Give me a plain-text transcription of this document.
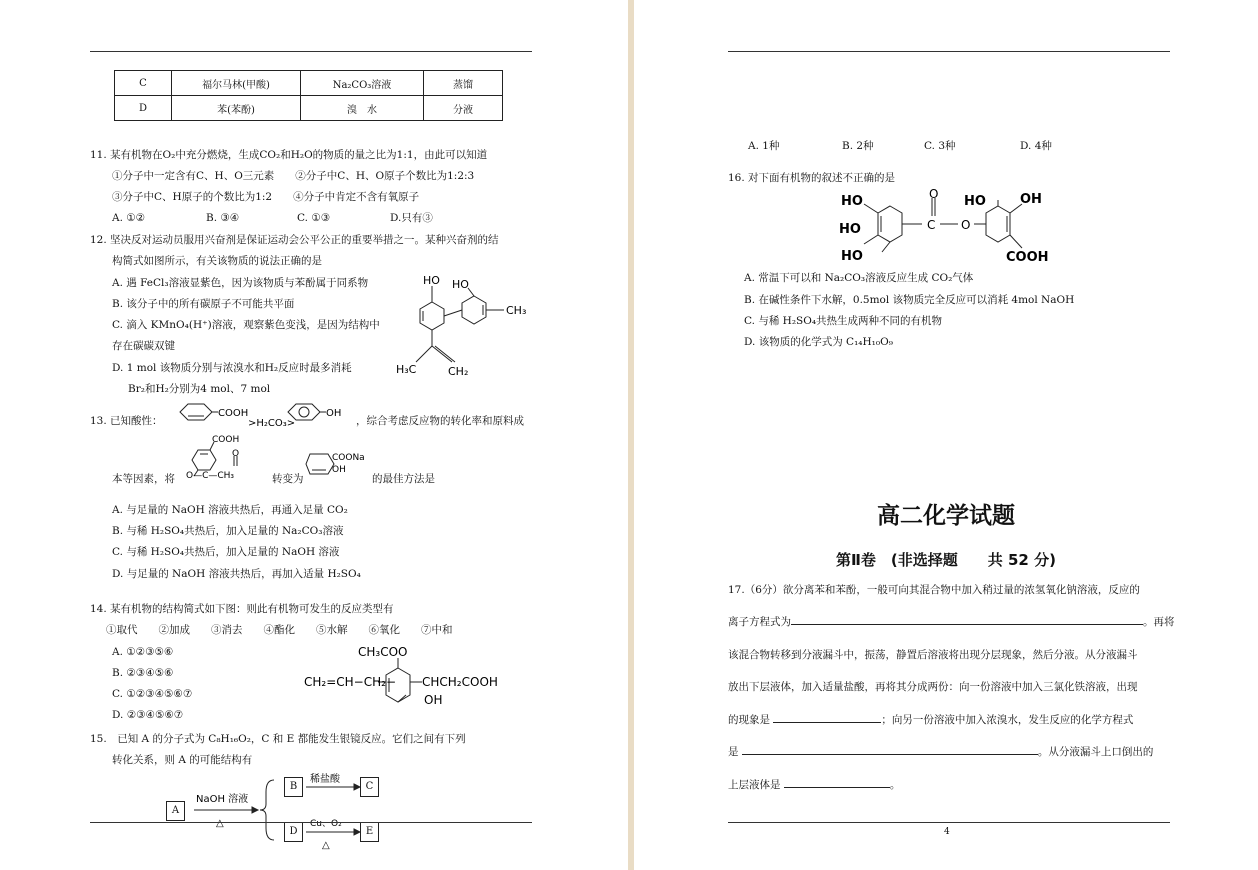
C	福尔马林(甲酸)	Na₂CO₃溶液	蒸馏
D	苯(苯酚)	溴　水	分液
11. 某有机物在O₂中充分燃烧，生成CO₂和H₂O的物质的量之比为1:1，由此可以知道
①分子中一定含有C、H、O三元素　　②分子中C、H、O原子个数比为1:2:3
③分子中C、H原子的个数比为1:2　　④分子中肯定不含有氧原子
A. ①②	B. ③④	C. ①③	D.只有③
12. 坚决反对运动员服用兴奋剂是保证运动会公平公正的重要举措之一。某种兴奋剂的结
构简式如图所示，有关该物质的说法正确的是
A. 遇 FeCl₃溶液显紫色，因为该物质与苯酚属于同系物
B. 该分子中的所有碳原子不可能共平面
C. 滴入 KMnO₄(H⁺)溶液，观察紫色变浅，是因为结构中
存在碳碳双键
D. 1 mol 该物质分别与浓溴水和H₂反应时最多消耗
Br₂和H₂分别为4 mol、7 mol
HO HO
CH₃
H₃C	CH₂
13. 已知酸性：
COOH
>H₂CO₃>
OH
，综合考虑反应物的转化率和原料成
本等因素，将
COOH
O
O—C—CH₃	转变为
COONa
OH
的最佳方法是
A. 与足量的 NaOH 溶液共热后，再通入足量 CO₂
B. 与稀 H₂SO₄共热后，加入足量的 Na₂CO₃溶液
C. 与稀 H₂SO₄共热后，加入足量的 NaOH 溶液
D. 与足量的 NaOH 溶液共热后，再加入适量 H₂SO₄
14. 某有机物的结构简式如下图：则此有机物可发生的反应类型有
①取代　　②加成　　③消去　　④酯化　　⑤水解　　⑥氧化　　⑦中和
A. ①②③⑤⑥
B. ②③④⑤⑥
C. ①②③④⑤⑥⑦
D. ②③④⑤⑥⑦
CH₃COO
CH₂=CH−CH₂− CHCH₂COOH
OH
15.　已知 A 的分子式为 C₈H₁₆O₂，C 和 E 都能发生银镜反应。它们之间有下列
转化关系，则 A 的可能结构有
A
B	C
D	E
NaOH 溶液
△
稀盐酸
Cu、O₂
△
A. 1种	B. 2种	C. 3种	D. 4种
16. 对下面有机物的叙述不正确的是
HO
HO
HO
O
C O
HO	OH
COOH
A. 常温下可以和 Na₂CO₃溶液反应生成 CO₂气体
B. 在碱性条件下水解，0.5mol 该物质完全反应可以消耗 4mol NaOH
C. 与稀 H₂SO₄共热生成两种不同的有机物
D. 该物质的化学式为 C₁₄H₁₀O₉
高二化学试题
第Ⅱ卷　(非选择题　　共 52 分)
17.（6分）欲分离苯和苯酚，一般可向其混合物中加入稍过量的浓氢氧化钠溶液，反应的
离子方程式为	。再将
该混合物转移到分液漏斗中，振荡，静置后溶液将出现分层现象，然后分液。从分液漏斗
放出下层液体，加入适量盐酸，再将其分成两份：向一份溶液中加入三氯化铁溶液，出现
的现象是	；向另一份溶液中加入浓溴水，发生反应的化学方程式
是	。从分液漏斗上口倒出的
上层液体是	。
4
